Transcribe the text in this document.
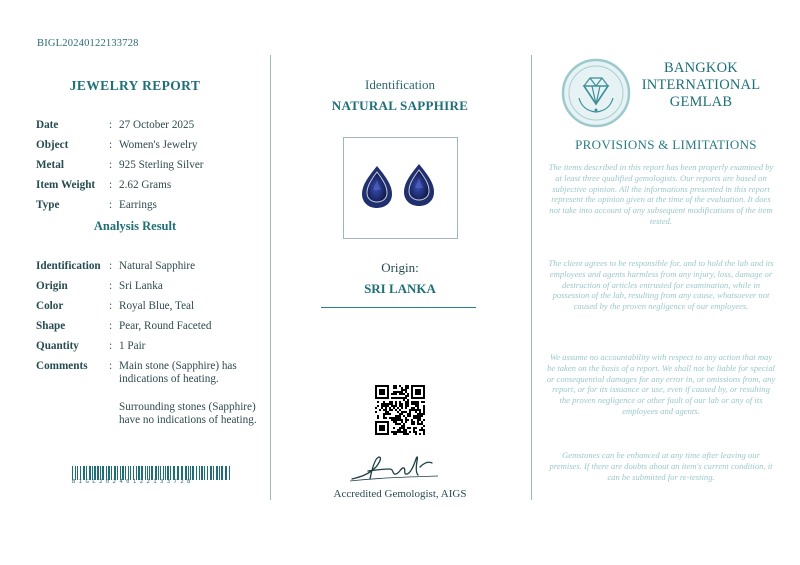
BIGL20240122133728
JEWELRY REPORT
Date	: 27 October 2025
Object	: Women's Jewelry
Metal	: 925 Sterling Silver
Item Weight	: 2.62 Grams
Type	: Earrings
Analysis Result
Identification : Natural Sapphire
Origin	: Sri Lanka
Color	: Royal Blue, Teal
Shape	: Pear, Round Faceted
Quantity	: 1 Pair
Comments	: Main stone (Sapphire) has indications of heating.
Surrounding stones (Sapphire) have no indications of heating.
BIGL20240122133728
Identification
NATURAL SAPPHIRE
Origin:
SRI LANKA
Accredited Gemologist, AIGS
BANGKOK
INTERNATIONAL
GEMLAB
PROVISIONS & LIMITATIONS
The items described in this report has been properly examined by at least three qualified gemologists. Our reports are based on subjective opinion. All the informations presented in this report represent the opinion given at the time of the evaluation. It does not take into account of any subsequent modifications of the item tested.
The client agrees to be responsible for, and to hold the lab and its employees and agents harmless from any injury, loss, damage or destruction of articles entrusted for examination, while in possession of the lab, resulting from any cause, whatsoever not caused by the proven negligence of our employees.
We assume no accountability with respect to any action that may be taken on the basis of a report. We shall not be liable for special or consequential damages for any error in, or omissions from, any report, or for its issuance or use, even if caused by, or resulting the proven negligence or other fault of our lab or any of its employees and agents.
Gemstones can be enhanced at any time after leaving our premises. If there are doubts about an item's current condition, it can be submitted for re-testing.
